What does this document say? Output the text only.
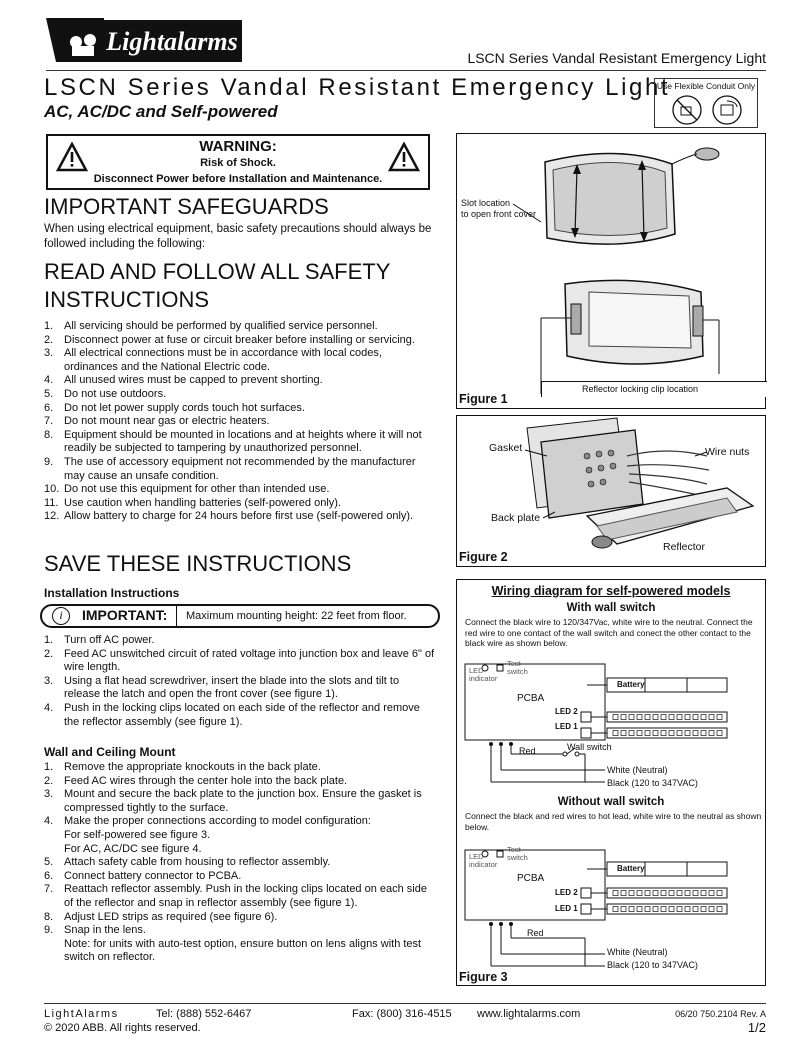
Lightalarms
LSCN Series Vandal Resistant Emergency Light
LSCN Series Vandal Resistant Emergency Light
AC, AC/DC and Self-powered
Use Flexible Conduit Only
WARNING:
Risk of Shock.
Disconnect Power before Installation and Maintenance.
IMPORTANT SAFEGUARDS

When using electrical equipment, basic safety precautions should always be followed including the following:

READ AND FOLLOW ALL SAFETY
INSTRUCTIONS
1. All servicing should be performed by qualified service personnel.
2. Disconnect power at fuse or circuit breaker before installing or servicing.
3. All electrical connections must be in accordance with local codes, ordinances and the National Electric code.
4. All unused wires must be capped to prevent shorting.
5. Do not use outdoors.
6. Do not let power supply cords touch hot surfaces.
7. Do not mount near gas or electric heaters.
8. Equipment should be mounted in locations and at heights where it will not readily be subjected to tampering by unauthorized personnel.
9. The use of accessory equipment not recommended by the manufacturer may cause an unsafe condition.
10. Do not use this equipment for other than intended use.
11. Use caution when handling batteries (self-powered only).
12. Allow battery to charge for 24 hours before first use (self-powered only).
SAVE THESE INSTRUCTIONS
Installation Instructions
i	IMPORTANT: Maximum mounting height: 22 feet from floor.
1. Turn off AC power.
2. Feed AC unswitched circuit of rated voltage into junction box and leave 6" of wire length.
3. Using a flat head screwdriver, insert the blade into the slots and tilt to release the latch and open the front cover (see figure 1).
4. Push in the locking clips located on each side of the reflector and remove the reflector assembly (see figure 1).
Wall and Ceiling Mount
1. Remove the appropriate knockouts in the back plate.
2. Feed AC wires through the center hole into the back plate.
3. Mount and secure the back plate to the junction box. Ensure the gasket is compressed tightly to the surface.
4. Make the proper connections according to model configuration:
For self-powered see figure 3.
For AC, AC/DC see figure 4.
5. Attach safety cable from housing to reflector assembly.
6. Connect battery connector to PCBA.
7. Reattach reflector assembly. Push in the locking clips located on each side of the reflector and snap in reflector assembly (see figure 1).
8. Adjust LED strips as required (see figure 6).
9. Snap in the lens.
Note: for units with auto-test option, ensure button on lens aligns with test switch on reflector.
Slot location
to open front cover
Reflector locking clip location
Figure 1
Gasket	Wire nuts
Back plate
Reflector
Figure 2
Wiring diagram for self-powered models
With wall switch
Connect the black wire to 120/347Vac, white wire to the neutral. Connect the red wire to one contact of the wall switch and conect the other contact to the black wire as shown below.
LED
indicator
Test
switch
PCBA
Battery
LED 2
LED 1
Red	Wall switch
White (Neutral)
Black (120 to 347VAC)
Without wall switch
Connect the black and red wires to hot lead, white wire to the neutral as shown below.
LED
indicator
Test
switch
PCBA
Battery
LED 2
LED 1
Red
White (Neutral)
Black (120 to 347VAC)
Figure 3
LightAlarms	Tel: (888) 552-6467	Fax: (800) 316-4515 www.lightalarms.com	06/20 750.2104 Rev. A
© 2020 ABB. All rights reserved.	1/2
